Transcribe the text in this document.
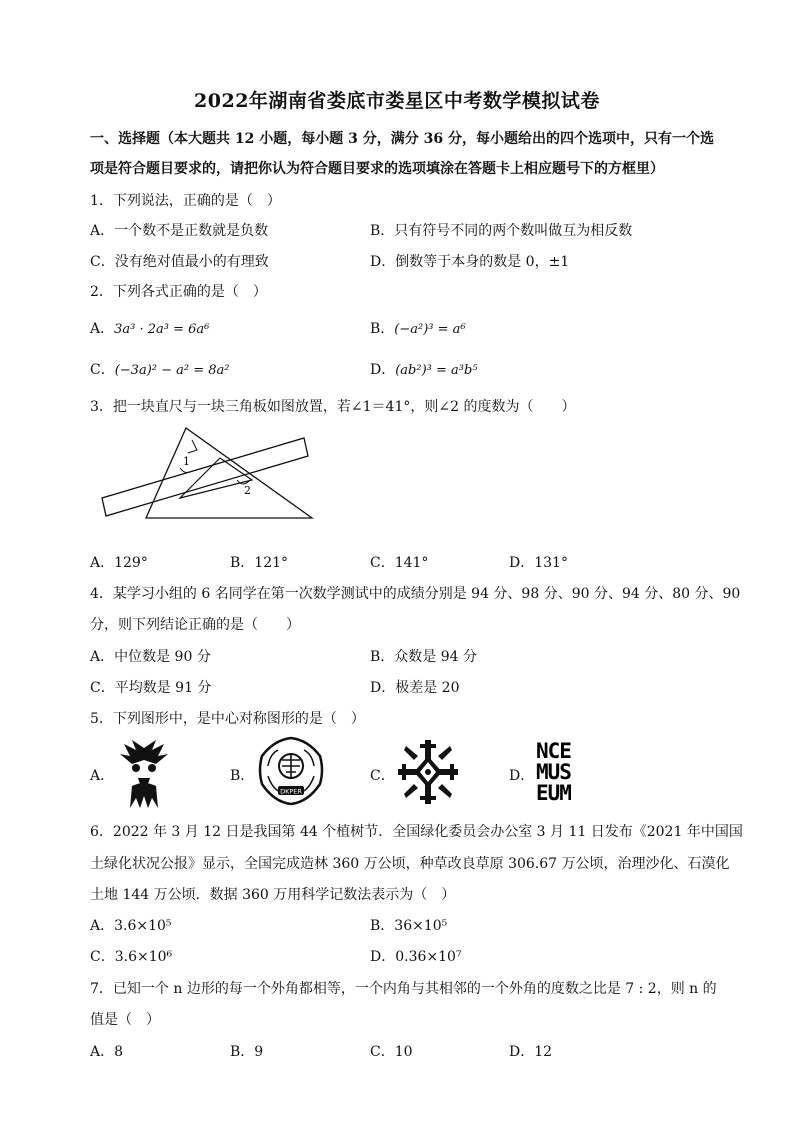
2022年湖南省娄底市娄星区中考数学模拟试卷
一、选择题（本大题共 12 小题，每小题 3 分，满分 36 分，每小题给出的四个选项中，只有一个选
项是符合题目要求的，请把你认为符合题目要求的选项填涂在答题卡上相应题号下的方框里）
1．下列说法，正确的是（　）
A．一个数不是正数就是负数	B．只有符号不同的两个数叫做互为相反数
C．没有绝对值最小的有理致	D．倒数等于本身的数是 0，±1
2．下列各式正确的是（　）
A．3a³ · 2a³ = 6a⁶	B．(−a²)³ = a⁶
C．(−3a)² − a² = 8a²	D．(ab²)³ = a³b⁵
3．把一块直尺与一块三角板如图放置，若∠1＝41°，则∠2 的度数为（　　）
1
2
A．129°	B．121°	C．141°	D．131°
4．某学习小组的 6 名同学在第一次数学测试中的成绩分别是 94 分、98 分、90 分、94 分、80 分、90
分，则下列结论正确的是（　　）
A．中位数是 90 分	B．众数是 94 分
C．平均数是 91 分	D．极差是 20
5．下列图形中，是中心对称图形的是（　）
A．	B．
DKPER
C．	D．
NCE
MUS
EUM
6．2022 年 3 月 12 日是我国第 44 个植树节．全国绿化委员会办公室 3 月 11 日发布《2021 年中国国
土绿化状况公报》显示，全国完成造林 360 万公顷，种草改良草原 306.67 万公顷，治理沙化、石漠化
土地 144 万公顷．数据 360 万用科学记数法表示为（　）
A．3.6×10⁵	B．36×10⁵
C．3.6×10⁶	D．0.36×10⁷
7．已知一个 n 边形的每一个外角都相等，一个内角与其相邻的一个外角的度数之比是 7 : 2，则 n 的
值是（　）
A．8	B．9	C．10	D．12
